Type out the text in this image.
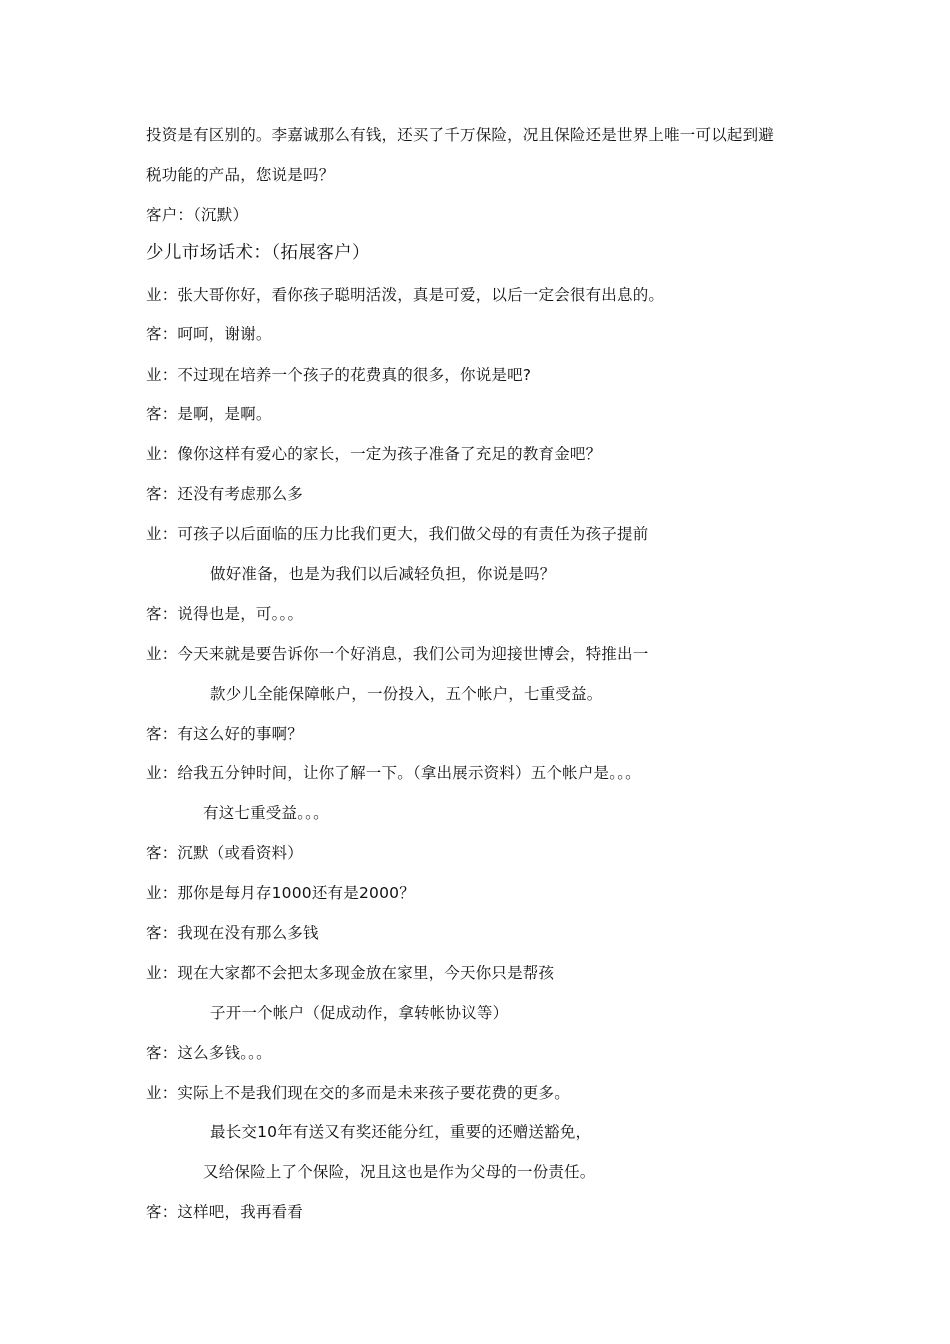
投资是有区别的。李嘉诚那么有钱，还买了千万保险，况且保险还是世界上唯一可以起到避
税功能的产品，您说是吗？
客户：（沉默）
少儿市场话术：（拓展客户）
业：张大哥你好，看你孩子聪明活泼，真是可爱，以后一定会很有出息的。
客：呵呵，谢谢。
业：不过现在培养一个孩子的花费真的很多，你说是吧?
客：是啊，是啊。
业：像你这样有爱心的家长，一定为孩子准备了充足的教育金吧？
客：还没有考虑那么多
业：可孩子以后面临的压力比我们更大，我们做父母的有责任为孩子提前
做好准备，也是为我们以后减轻负担，你说是吗？
客：说得也是，可。。。
业：今天来就是要告诉你一个好消息，我们公司为迎接世博会，特推出一
款少儿全能保障帐户，一份投入，五个帐户，七重受益。
客：有这么好的事啊？
业：给我五分钟时间，让你了解一下。（拿出展示资料）五个帐户是。。。
有这七重受益。。。
客：沉默（或看资料）
业：那你是每月存1000还有是2000？
客：我现在没有那么多钱
业：现在大家都不会把太多现金放在家里，今天你只是帮孩
子开一个帐户（促成动作，拿转帐协议等）
客：这么多钱。。。
业：实际上不是我们现在交的多而是未来孩子要花费的更多。
最长交10年有送又有奖还能分红，重要的还赠送豁免，
又给保险上了个保险，况且这也是作为父母的一份责任。
客：这样吧，我再看看
